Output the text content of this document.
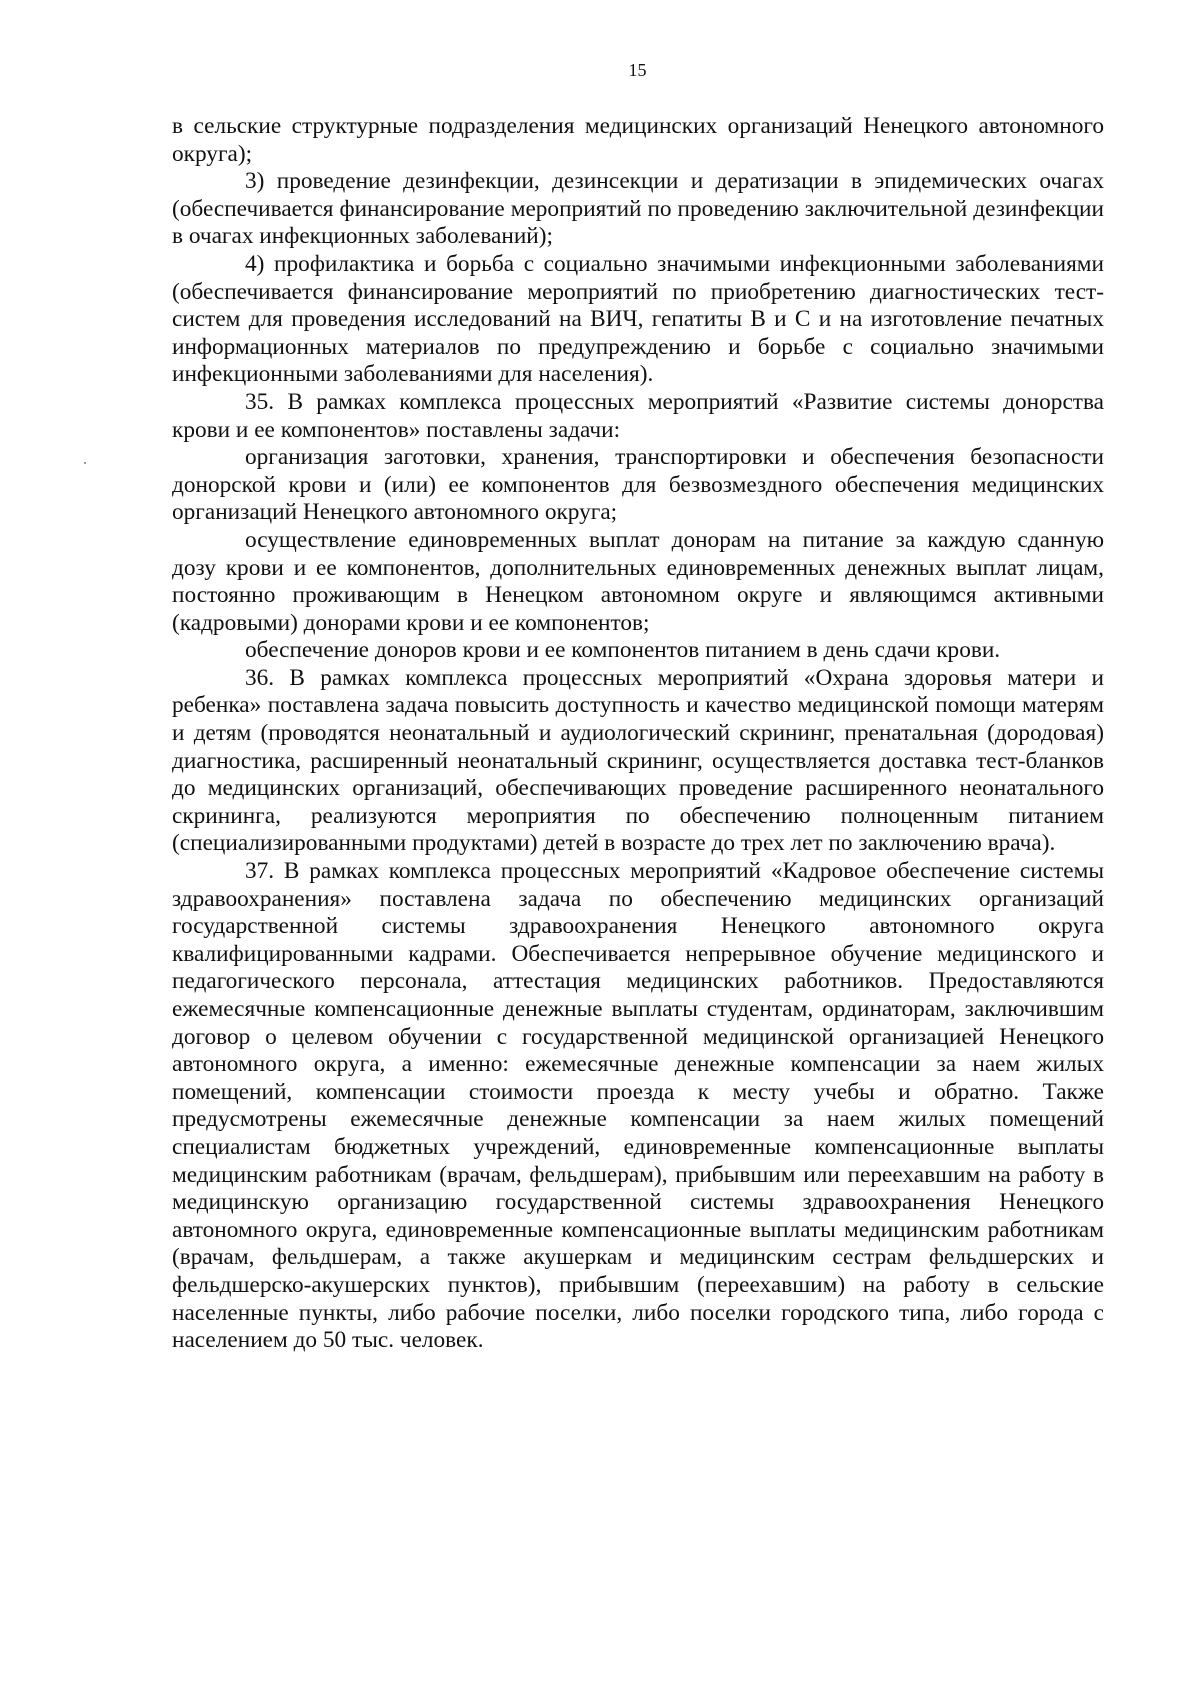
15

в сельские структурные подразделения медицинских организаций Ненецкого автономного округа);

3) проведение дезинфекции, дезинсекции и дератизации в эпидемических очагах (обеспечивается финансирование мероприятий по проведению заключительной дезинфекции в очагах инфекционных заболеваний);

4) профилактика и борьба с социально значимыми инфекционными заболеваниями (обеспечивается финансирование мероприятий по приобретению диагностических тест-систем для проведения исследований на ВИЧ, гепатиты В и С и на изготовление печатных информационных материалов по предупреждению и борьбе с социально значимыми инфекционными заболеваниями для населения).

35. В рамках комплекса процессных мероприятий «Развитие системы донорства крови и ее компонентов» поставлены задачи:

организация заготовки, хранения, транспортировки и обеспечения безопасности донорской крови и (или) ее компонентов для безвозмездного обеспечения медицинских организаций Ненецкого автономного округа;

осуществление единовременных выплат донорам на питание за каждую сданную дозу крови и ее компонентов, дополнительных единовременных денежных выплат лицам, постоянно проживающим в Ненецком автономном округе и являющимся активными (кадровыми) донорами крови и ее компонентов;

обеспечение доноров крови и ее компонентов питанием в день сдачи крови.

36. В рамках комплекса процессных мероприятий «Охрана здоровья матери и ребенка» поставлена задача повысить доступность и качество медицинской помощи матерям и детям (проводятся неонатальный и аудиологический скрининг, пренатальная (дородовая) диагностика, расширенный неонатальный скрининг, осуществляется доставка тест-бланков до медицинских организаций, обеспечивающих проведение расширенного неонатального скрининга, реализуются мероприятия по обеспечению полноценным питанием (специализированными продуктами) детей в возрасте до трех лет по заключению врача).

37. В рамках комплекса процессных мероприятий «Кадровое обеспечение системы здравоохранения» поставлена задача по обеспечению медицинских организаций государственной системы здравоохранения Ненецкого автономного округа квалифицированными кадрами. Обеспечивается непрерывное обучение медицинского и педагогического персонала, аттестация медицинских работников. Предоставляются ежемесячные компенсационные денежные выплаты студентам, ординаторам, заключившим договор о целевом обучении с государственной медицинской организацией Ненецкого автономного округа, а именно: ежемесячные денежные компенсации за наем жилых помещений, компенсации стоимости проезда к месту учебы и обратно. Также предусмотрены ежемесячные денежные компенсации за наем жилых помещений специалистам бюджетных учреждений, единовременные компенсационные выплаты медицинским работникам (врачам, фельдшерам), прибывшим или переехавшим на работу в медицинскую организацию государственной системы здравоохранения Ненецкого автономного округа, единовременные компенсационные выплаты медицинским работникам (врачам, фельдшерам, а также акушеркам и медицинским сестрам фельдшерских и фельдшерско-акушерских пунктов), прибывшим (переехавшим) на работу в сельские населенные пункты, либо рабочие поселки, либо поселки городского типа, либо города с населением до 50 тыс. человек.
